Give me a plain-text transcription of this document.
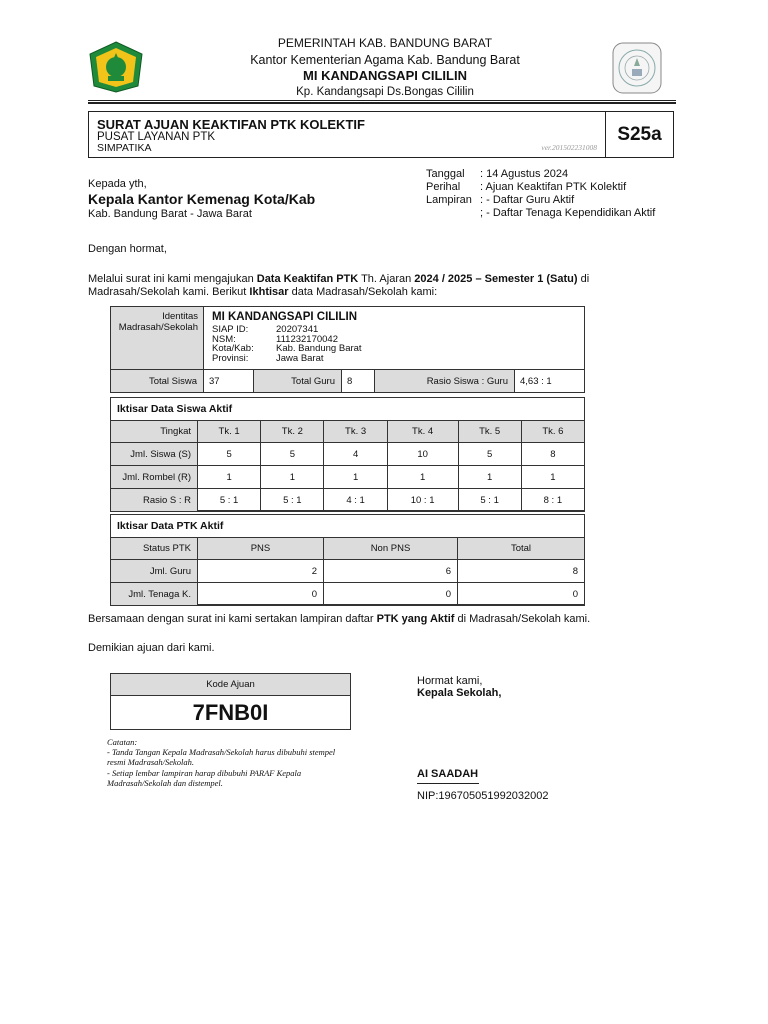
PEMERINTAH KAB. BANDUNG BARAT
Kantor Kementerian Agama Kab. Bandung Barat
MI KANDANGSAPI CILILIN
Kp. Kandangsapi Ds.Bongas Cililin
SURAT AJUAN KEAKTIFAN PTK KOLEKTIF
PUSAT LAYANAN PTK
SIMPATIKA	ver.201502231008
S25a
Tanggal	: 14 Agustus 2024
Perihal	: Ajuan Keaktifan PTK Kolektif
Lampiran : - Daftar Guru Aktif
; - Daftar Tenaga Kependidikan Aktif
Kepada yth,
Kepala Kantor Kemenag Kota/Kab
Kab. Bandung Barat - Jawa Barat
Dengan hormat,
Melalui surat ini kami mengajukan Data Keaktifan PTK Th. Ajaran 2024 / 2025 – Semester 1 (Satu) di
Madrasah/Sekolah kami. Berikut Ikhtisar data Madrasah/Sekolah kami:
Identitas
Madrasah/Sekolah
MI KANDANGSAPI CILILIN
SIAP ID:	20207341
NSM:	111232170042
Kota/Kab:	Kab. Bandung Barat
Provinsi:	Jawa Barat
Total Siswa	37	Total Guru	8	Rasio Siswa : Guru	4,63 : 1
Iktisar Data Siswa Aktif
Tingkat	Tk. 1	Tk. 2	Tk. 3	Tk. 4	Tk. 5	Tk. 6
Jml. Siswa (S)	5	5	4	10	5	8
Jml. Rombel (R)	1	1	1	1	1	1
Rasio S : R	5 : 1	5 : 1	4 : 1	10 : 1	5 : 1	8 : 1
Iktisar Data PTK Aktif
Status PTK	PNS	Non PNS	Total
Jml. Guru	2	6	8
Jml. Tenaga K.	0	0	0
Bersamaan dengan surat ini kami sertakan lampiran daftar PTK yang Aktif di Madrasah/Sekolah kami.
Demikian ajuan dari kami.
Kode Ajuan
7FNB0I
Catatan:
- Tanda Tangan Kepala Madrasah/Sekolah harus dibubuhi stempel
resmi Madrasah/Sekolah.
- Setiap lembar lampiran harap dibubuhi PARAF Kepala
Madrasah/Sekolah dan distempel.
Hormat kami,
Kepala Sekolah,
AI SAADAH
NIP:196705051992032002
